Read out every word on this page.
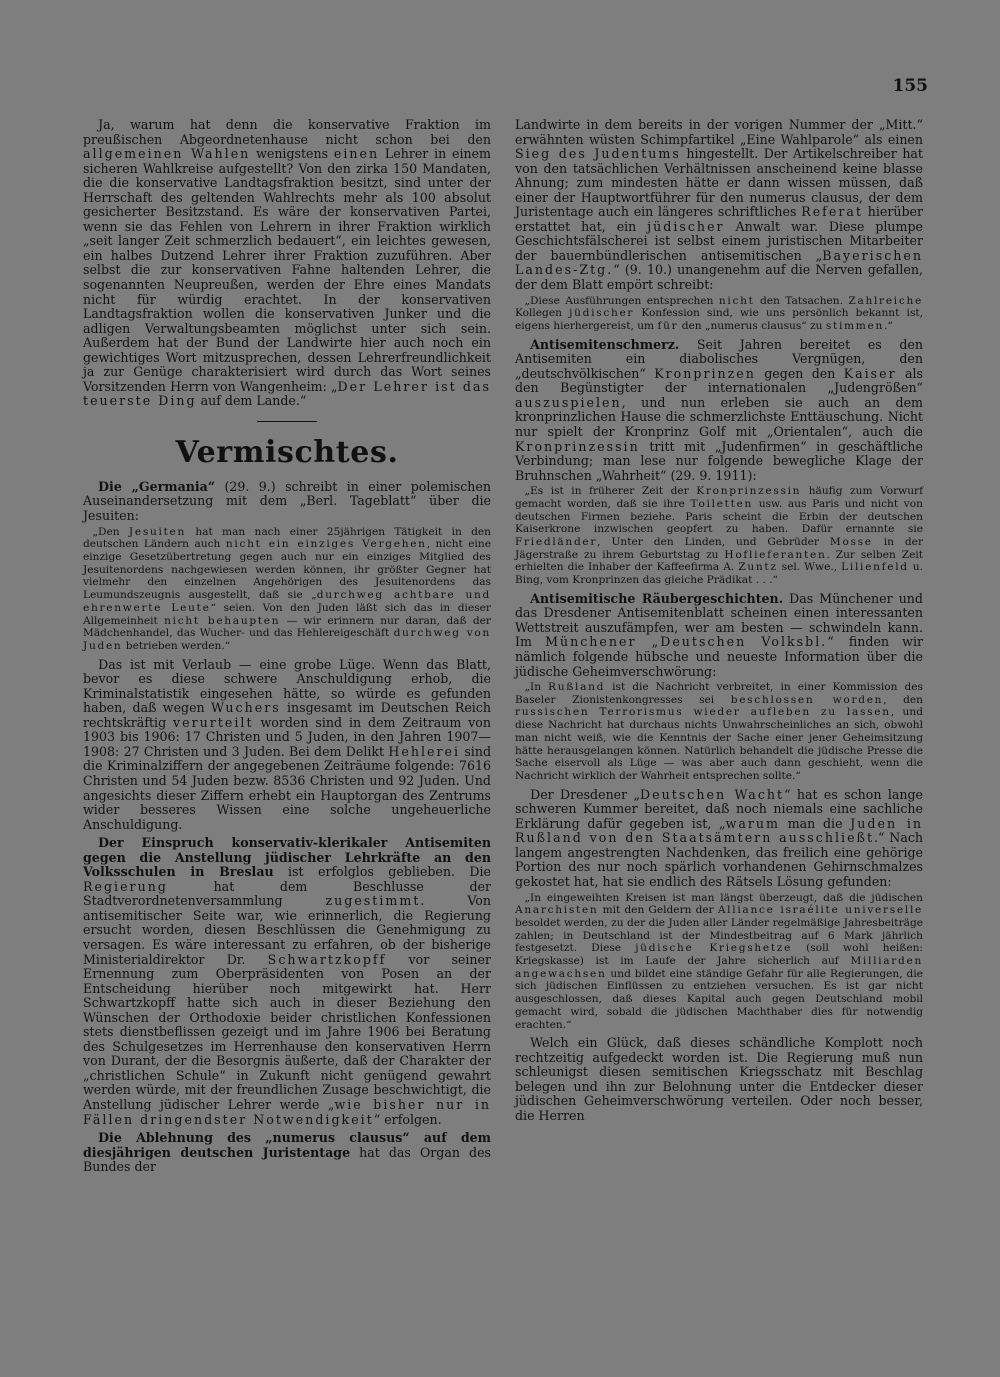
155

Ja, warum hat denn die konservative Fraktion im preußischen Abgeordnetenhause nicht schon bei den allgemeinen Wahlen wenigstens einen Lehrer in einem sicheren Wahlkreise aufgestellt? Von den zirka 150 Mandaten, die die konservative Landtagsfraktion besitzt, sind unter der Herrschaft des geltenden Wahlrechts mehr als 100 absolut gesicherter Besitzstand. Es wäre der konservativen Partei, wenn sie das Fehlen von Lehrern in ihrer Fraktion wirklich „seit langer Zeit schmerzlich bedauert“, ein leichtes gewesen, ein halbes Dutzend Lehrer ihrer Fraktion zuzuführen. Aber selbst die zur konservativen Fahne haltenden Lehrer, die sogenannten Neupreußen, werden der Ehre eines Mandats nicht für würdig erachtet. In der konservativen Landtagsfraktion wollen die konservativen Junker und die adligen Verwaltungsbeamten möglichst unter sich sein. Außerdem hat der Bund der Landwirte hier auch noch ein gewichtiges Wort mitzusprechen, dessen Lehrerfreundlichkeit ja zur Genüge charakterisiert wird durch das Wort seines Vorsitzenden Herrn von Wangenheim: „Der Lehrer ist das teuerste Ding auf dem Lande.“

Vermischtes.

Die „Germania“ (29. 9.) schreibt in einer polemischen Auseinandersetzung mit dem „Berl. Tageblatt“ über die Jesuiten:

„Den Jesuiten hat man nach einer 25jährigen Tätigkeit in den deutschen Ländern auch nicht ein einziges Vergehen, nicht eine einzige Gesetzübertretung gegen auch nur ein einziges Mitglied des Jesuitenordens nachgewiesen werden können, ihr größter Gegner hat vielmehr den einzelnen Angehörigen des Jesuitenordens das Leumundszeugnis ausgestellt, daß sie „durchweg achtbare und ehrenwerte Leute“ seien. Von den Juden läßt sich das in dieser Allgemeinheit nicht behaupten — wir erinnern nur daran, daß der Mädchenhandel, das Wucher- und das Hehlereigeschäft durchweg von Juden betrieben werden.“

Das ist mit Verlaub — eine grobe Lüge. Wenn das Blatt, bevor es diese schwere Anschuldigung erhob, die Kriminalstatistik eingesehen hätte, so würde es gefunden haben, daß wegen Wuchers insgesamt im Deutschen Reich rechtskräftig verurteilt worden sind in dem Zeitraum von 1903 bis 1906: 17 Christen und 5 Juden, in den Jahren 1907—1908: 27 Christen und 3 Juden. Bei dem Delikt Hehlerei sind die Kriminalziffern der angegebenen Zeiträume folgende: 7616 Christen und 54 Juden bezw. 8536 Christen und 92 Juden. Und angesichts dieser Ziffern erhebt ein Hauptorgan des Zentrums wider besseres Wissen eine solche ungeheuerliche Anschuldigung.

Der Einspruch konservativ-klerikaler Antisemiten gegen die Anstellung jüdischer Lehrkräfte an den Volksschulen in Breslau ist erfolglos geblieben. Die Regierung hat dem Beschlusse der Stadtverordnetenversammlung zugestimmt. Von antisemitischer Seite war, wie erinnerlich, die Regierung ersucht worden, diesen Beschlüssen die Genehmigung zu versagen. Es wäre interessant zu erfahren, ob der bisherige Ministerialdirektor Dr. Schwartzkopff vor seiner Ernennung zum Oberpräsidenten von Posen an der Entscheidung hierüber noch mitgewirkt hat. Herr Schwartzkopff hatte sich auch in dieser Beziehung den Wünschen der Orthodoxie beider christlichen Konfessionen stets dienstbeflissen gezeigt und im Jahre 1906 bei Beratung des Schulgesetzes im Herrenhause den konservativen Herrn von Durant, der die Besorgnis äußerte, daß der Charakter der „christlichen Schule“ in Zukunft nicht genügend gewahrt werden würde, mit der freundlichen Zusage beschwichtigt, die Anstellung jüdischer Lehrer werde „wie bisher nur in Fällen dringendster Notwendigkeit“ erfolgen.

Die Ablehnung des „numerus clausus“ auf dem diesjährigen deutschen Juristentage hat das Organ des Bundes der

Landwirte in dem bereits in der vorigen Nummer der „Mitt.“ erwähnten wüsten Schimpfartikel „Eine Wahlparole“ als einen Sieg des Judentums hingestellt. Der Artikelschreiber hat von den tatsächlichen Verhältnissen anscheinend keine blasse Ahnung; zum mindesten hätte er dann wissen müssen, daß einer der Hauptwortführer für den numerus clausus, der dem Juristentage auch ein längeres schriftliches Referat hierüber erstattet hat, ein jüdischer Anwalt war. Diese plumpe Geschichtsfälscherei ist selbst einem juristischen Mitarbeiter der bauernbündlerischen antisemitischen „Bayerischen Landes-Ztg.“ (9. 10.) unangenehm auf die Nerven gefallen, der dem Blatt empört schreibt:

„Diese Ausführungen entsprechen nicht den Tatsachen. Zahlreiche Kollegen jüdischer Konfession sind, wie uns persönlich bekannt ist, eigens hierhergereist, um für den „numerus clausus“ zu stimmen.“

Antisemitenschmerz. Seit Jahren bereitet es den Antisemiten ein diabolisches Vergnügen, den „deutschvölkischen“ Kronprinzen gegen den Kaiser als den Begünstigter der internationalen „Judengrößen“ auszuspielen, und nun erleben sie auch an dem kronprinzlichen Hause die schmerzlichste Enttäuschung. Nicht nur spielt der Kronprinz Golf mit „Orientalen“, auch die Kronprinzessin tritt mit „Judenfirmen“ in geschäftliche Verbindung; man lese nur folgende bewegliche Klage der Bruhnschen „Wahrheit“ (29. 9. 1911):

„Es ist in früherer Zeit der Kronprinzessin häufig zum Vorwurf gemacht worden, daß sie ihre Toiletten usw. aus Paris und nicht von deutschen Firmen beziehe. Paris scheint die Erbin der deutschen Kaiserkrone inzwischen geopfert zu haben. Dafür ernannte sie Friedländer, Unter den Linden, und Gebrüder Mosse in der Jägerstraße zu ihrem Geburtstag zu Hoflieferanten. Zur selben Zeit erhielten die Inhaber der Kaffeefirma A. Zuntz sel. Wwe., Lilienfeld u. Bing, vom Kronprinzen das gleiche Prädikat . . .“

Antisemitische Räubergeschichten. Das Münchener und das Dresdener Antisemitenblatt scheinen einen interessanten Wettstreit auszufämpfen, wer am besten — schwindeln kann. Im Münchener „Deutschen Volksbl.“ finden wir nämlich folgende hübsche und neueste Information über die jüdische Geheimverschwörung:

„In Rußland ist die Nachricht verbreitet, in einer Kommission des Baseler Zionistenkongresses sei beschlossen worden, den russischen Terrorismus wieder aufleben zu lassen, und diese Nachricht hat durchaus nichts Unwahrscheinliches an sich, obwohl man nicht weiß, wie die Kenntnis der Sache einer jener Geheimsitzung hätte herausgelangen können. Natürlich behandelt die jüdische Presse die Sache eiservoll als Lüge — was aber auch dann geschieht, wenn die Nachricht wirklich der Wahrheit entsprechen sollte.“

Der Dresdener „Deutschen Wacht“ hat es schon lange schweren Kummer bereitet, daß noch niemals eine sachliche Erklärung dafür gegeben ist, „warum man die Juden in Rußland von den Staatsämtern ausschließt.“ Nach langem angestrengten Nachdenken, das freilich eine gehörige Portion des nur noch spärlich vorhandenen Gehirnschmalzes gekostet hat, hat sie endlich des Rätsels Lösung gefunden:

„In eingeweihten Kreisen ist man längst überzeugt, daß die jüdischen Anarchisten mit den Geldern der Alliance israélite universelle besoldet werden, zu der die Juden aller Länder regelmäßige Jahresbeiträge zahlen; in Deutschland ist der Mindestbeitrag auf 6 Mark jährlich festgesetzt. Diese jüdische Kriegshetze (soll wohl heißen: Kriegskasse) ist im Laufe der Jahre sicherlich auf Milliarden angewachsen und bildet eine ständige Gefahr für alle Regierungen, die sich jüdischen Einflüssen zu entziehen versuchen. Es ist gar nicht ausgeschlossen, daß dieses Kapital auch gegen Deutschland mobil gemacht wird, sobald die jüdischen Machthaber dies für notwendig erachten.“

Welch ein Glück, daß dieses schändliche Komplott noch rechtzeitig aufgedeckt worden ist. Die Regierung muß nun schleunigst diesen semitischen Kriegsschatz mit Beschlag belegen und ihn zur Belohnung unter die Entdecker dieser jüdischen Geheimverschwörung verteilen. Oder noch besser, die Herren
